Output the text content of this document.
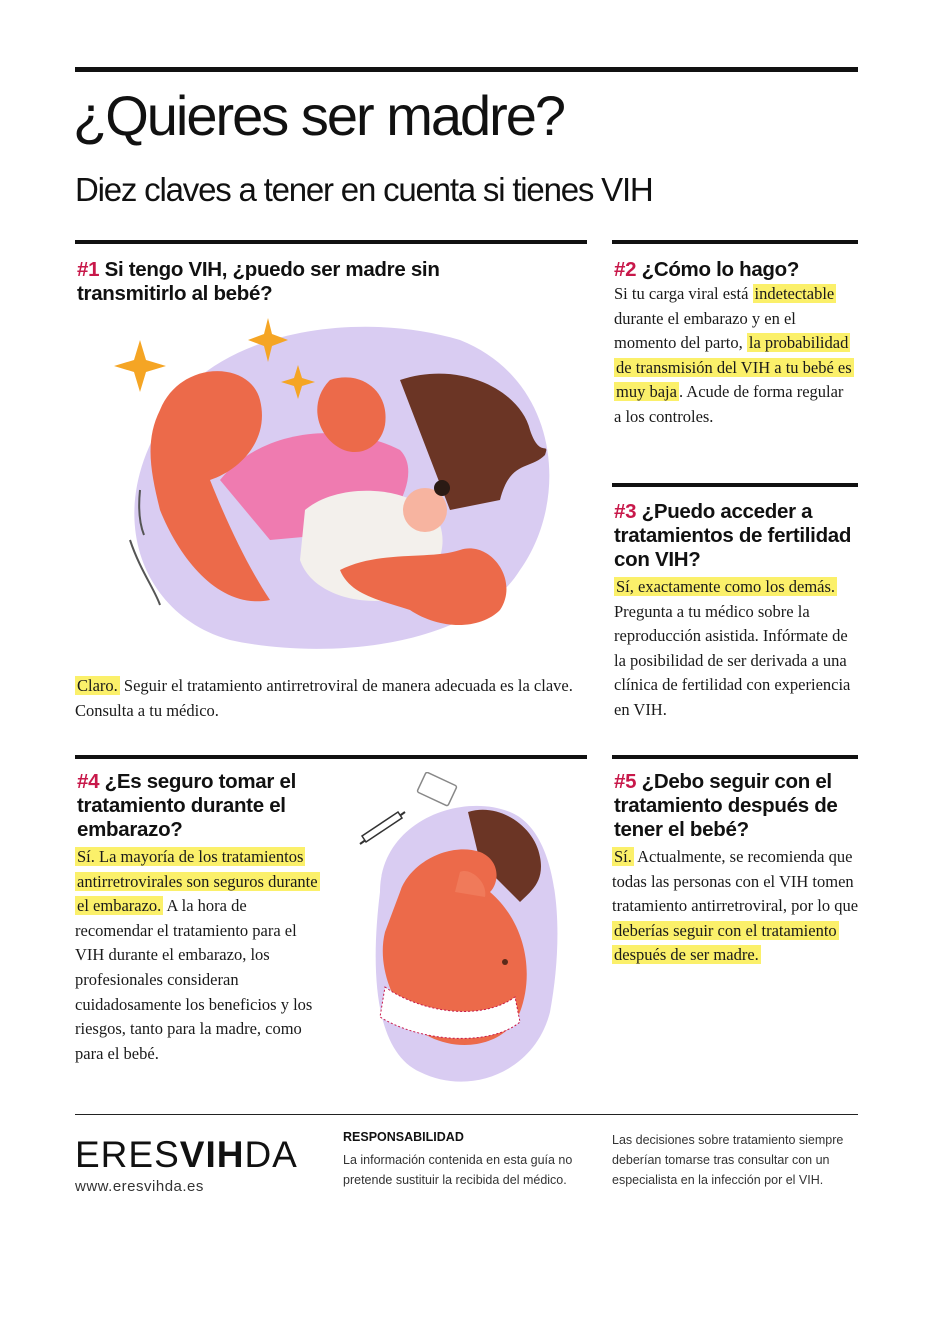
¿Quieres ser madre?
Diez claves a tener en cuenta si tienes VIH
#1 Si tengo VIH, ¿puedo ser madre sin transmitirlo al bebé?

Claro. Seguir el tratamiento antirretroviral de manera adecuada es la clave. Consulta a tu médico.

#2 ¿Cómo lo hago?

Si tu carga viral está indetectable durante el embarazo y en el momento del parto, la probabilidad de transmisión del VIH a tu bebé es muy baja . Acude de forma regular a los controles.

#3 ¿Puedo acceder a tratamientos de fertilidad con VIH?

Sí, exactamente como los demás. Pregunta a tu médico sobre la reproducción asistida. Infórmate de la posibilidad de ser derivada a una clínica de fertilidad con experiencia en VIH.

#4 ¿Es seguro tomar el tratamiento durante el embarazo?

Sí. La mayoría de los tratamientos antirretrovirales son seguros durante el embarazo. A la hora de recomendar el tratamiento para el VIH durante el embarazo, los profesionales consideran cuidadosamente los beneficios y los riesgos, tanto para la madre, como para el bebé.

#5 ¿Debo seguir con el tratamiento después de tener el bebé?

Sí. Actualmente, se recomienda que todas las personas con el VIH tomen tratamiento antirretroviral, por lo que deberías seguir con el tratamiento después de ser madre.

ERESVIHDA
www.eresvihda.es

RESPONSABILIDAD

La información contenida en esta guía no pretende sustituir la recibida del médico.

Las decisiones sobre tratamiento siempre deberían tomarse tras consultar con un especialista en la infección por el VIH.
